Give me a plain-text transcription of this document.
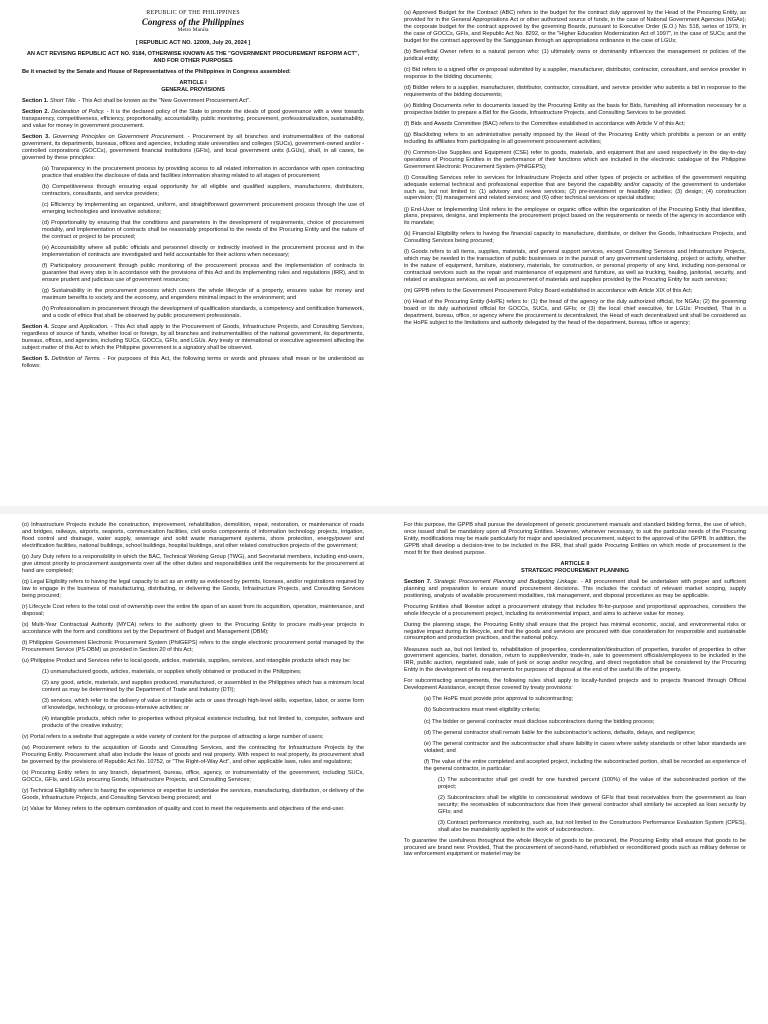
REPUBLIC OF THE PHILIPPINES
Congress of the Philippines
Metro Manila

[ REPUBLIC ACT NO. 12009, July 20, 2024 ]

AN ACT REVISING REPUBLIC ACT NO. 9184, OTHERWISE KNOWN AS THE "GOVERNMENT PROCUREMENT REFORM ACT", AND FOR OTHER PURPOSES

Be it enacted by the Senate and House of Representatives of the Philippines in Congress assembled:

ARTICLE I

GENERAL PROVISIONS

Section 1. Short Title. - This Act shall be known as the "New Government Procurement Act".

Section 2. Declaration of Policy. - It is the declared policy of the State to promote the ideals of good governance with a view towards transparency, competitiveness, efficiency, proportionality, accountability, public monitoring, procurement, professionalization, sustainability, and value for money in government procurement.

Section 3. Governing Principles on Government Procurement. - Procurement by all branches and instrumentalities of the national government, its departments, bureaus, offices and agencies, including state universities and colleges (SUCs), government-owned and/or -controlled corporations (GOCCs), government financial institutions (GFIs), and local government units (LGUs), shall, in all cases, be governed by these principles:

(a) Transparency in the procurement process by providing access to all related information in accordance with open contracting practice that enables the disclosure of data and facilities information sharing related to all stages of procurement;

(b) Competitiveness through ensuring equal opportunity for all eligible and qualified suppliers, manufacturers, distributors, contractors, consultants, and service providers;

(c) Efficiency by implementing an organized, uniform, and straightforward government procurement process through the use of emerging technologies and innovative solutions;

(d) Proportionality by ensuring that the conditions and parameters in the development of requirements, choice of procurement modality, and implementation of contracts shall be reasonably proportional to the needs of the Procuring Entity and the nature of the contract or project to be procured;

(e) Accountability where all public officials and personnel directly or indirectly involved in the procurement process and in the implementation of contracts are investigated and held accountable for their actions when necessary;

(f) Participatory procurement through public monitoring of the procurement process and the implementation of contracts to guarantee that every step is in accordance with the provisions of this Act and its implementing rules and regulations (IRR), and to ensure prudent and judicious use of government resources;

(g) Sustainability in the procurement process which covers the whole lifecycle of a property, ensures value for money and maximum benefits to society and the economy, and engenders minimal impact to the environment; and

(h) Professionalism in procurement through the development of qualification standards, a competency and certification framework, and a code of ethics that shall be observed by public procurement professionals.

Section 4. Scope and Application. - This Act shall apply to the Procurement of Goods, Infrastructure Projects, and Consulting Services, regardless of source of funds, whether local or foreign, by all branches and instrumentalities of the national government, its departments, bureaus, offices, and agencies, including SUCs, GOCCs, GFIs, and LGUs. Any treaty or international or executive agreement affecting the subject matter of this Act to which the Philippine government is a signatory shall be observed.

Section 5. Definition of Terms. - For purposes of this Act, the following terms or words and phrases shall mean or be understood as follows:

(a) Approved Budget for the Contract (ABC) refers to the budget for the contract duly approved by the Head of the Procuring Entity, as provided for in the General Appropriations Act or other authorized source of funds, in the case of National Government Agencies (NGAs); the corporate budget for the contract approved by the governing Boards, pursuant to Executive Order (E.O.) No. 518, series of 1979, in the case of GOCCs, GFIs, and Republic Act No. 8292, or the "Higher Education Modernization Act of 1997", in the case of SUCs; and the budget for the contract approved by the Sanggunian through an appropriations ordinance in the case of LGUs;

(b) Beneficial Owner refers to a natural person who: (1) ultimately owns or dominantly influences the management or policies of the juridical entity;

(c) Bid refers to a signed offer or proposal submitted by a supplier, manufacturer, distributor, contractor, consultant, and service provider in response to the bidding documents;

(d) Bidder refers to a supplier, manufacturer, distributor, contractor, consultant, and service provider who submits a bid in response to the requirements of the bidding documents;

(e) Bidding Documents refer to documents issued by the Procuring Entity as the basis for Bids, furnishing all information necessary for a prospective bidder to prepare a Bid for the Goods, Infrastructure Projects, and Consulting Services to be provided.

(f) Bids and Awards Committee (BAC) refers to the Committee established in accordance with Article V of this Act;

(g) Blacklisting refers to an administrative penalty imposed by the Head of the Procuring Entity which prohibits a person or an entity including its affiliates from participating in all government procurement activities;

(h) Common-Use Supplies and Equipment (CSE) refer to goods, materials, and equipment that are used respectively in the day-to-day operations of Procuring Entities in the performance of their functions which are included in the electronic catalogue of the Philippine Government Electronic Procurement System (PhilGEPS);

(i) Consulting Services refer to services for Infrastructure Projects and other types of projects or activities of the government requiring adequate external technical and professional expertise that are beyond the capability and/or capacity of the government to undertake such as, but not limited to: (1) advisory and review services; (2) pre-investment or feasibility studies; (3) design; (4) construction supervision; (5) management and related services; and (6) other technical services or special studies;

(j) End-User or Implementing Unit refers to the employee or organic office within the organization of the Procuring Entity that identifies, plans, prepares, designs, and implements the procurement project based on the requirements or needs of the agency in accordance with its mandate;

(k) Financial Eligibility refers to having the financial capacity to manufacture, distribute, or deliver the Goods, Infrastructure Projects, and Consulting Services being procured;

(l) Goods refers to all items, supplies, materials, and general support services, except Consulting Services and Infrastructure Projects, which may be needed in the transaction of public businesses or in the pursuit of any government undertaking, project or activity, whether in the nature of equipment, furniture, stationery, materials, for construction, or personal property of any kind, including non-personal or contractual services such as the repair and maintenance of equipment and furniture, as well as trucking, hauling, janitorial, security, and related or analogous services, as well as procurement of materials and supplies provided by the Procuring Entity for such services;

(m) GPPB refers to the Government Procurement Policy Board established in accordance with Article XIX of this Act;

(n) Head of the Procuring Entity (HoPE) refers to: (1) the head of the agency or the duly authorized official, for NGAs; (2) the governing board or its duly authorized official for GOCCs, SUCs, and GFIs; or (3) the local chief executive, for LGUs: Provided, That in a department, bureau, office, or agency where the procurement is decentralized, the Head of each decentralized unit shall be considered as the HoPE subject to the limitations and authority delegated by the head of the department, bureau, office or agency;

(o) Infrastructure Projects include the construction, improvement, rehabilitation, demolition, repair, restoration, or maintenance of roads and bridges, railways, airports, seaports, communication facilities, civil works components of information technology projects, irrigation, flood control and drainage, water supply, sewerage and solid waste management systems, shore protection, energy/power and electrification facilities, national buildings, school buildings, hospital buildings, and other related construction projects of the government;

(p) Jury Duty refers to a responsibility in which the BAC, Technical Working Group (TWG), and Secretariat members, including end-users, give utmost priority to procurement assignments over all the other duties and responsibilities until the requirements for the procurement at hand are completed;

(q) Legal Eligibility refers to having the legal capacity to act as an entity as evidenced by permits, licenses, and/or registrations required by law to engage in the business of manufacturing, distributing, or delivering the Goods, Infrastructure Projects, and Consulting Services being procured;

(r) Lifecycle Cost refers to the total cost of ownership over the entire life span of an asset from its acquisition, operation, maintenance, and disposal;

(s) Multi-Year Contractual Authority (MYCA) refers to the authority given to the Procuring Entity to procure multi-year projects in accordance with the form and conditions set by the Department of Budget and Management (DBM);

(t) Philippine Government Electronic Procurement System (PhilGEPS) refers to the single electronic procurement portal managed by the Procurement Service (PS-DBM) as provided in Section 20 of this Act;

(u) Philippine Product and Services refer to local goods, articles, materials, supplies, services, and intangible products which may be:

(1) unmanufactured goods, articles, materials, or supplies wholly obtained or produced in the Philippines;

(2) any good, article, materials, and supplies produced, manufactured, or assembled in the Philippines which has a minimum local content as may be determined by the Department of Trade and Industry (DTI);

(3) services, which refer to the delivery of value or intangible acts or uses through high-level skills, expertise, labor, or some form of knowledge, technology, or process-intensive activities; or

(4) intangible products, which refer to properties without physical existence including, but not limited to, computer, software and products of the creative industry;

(v) Portal refers to a website that aggregate a wide variety of content for the purpose of attracting a large number of users;

(w) Procurement refers to the acquisition of Goods and Consulting Services, and the contracting for Infrastructure Projects by the Procuring Entity. Procurement shall also include the lease of goods and real property. With respect to real property, its procurement shall be governed by the provisions of Republic Act No. 10752, or "The Right-of-Way Act", and other applicable laws, rules and regulations;

(x) Procuring Entity refers to any branch, department, bureau, office, agency, or instrumentality of the government, including SUCs, GOCCs, GFIs, and LGUs procuring Goods, Infrastructure Projects, and Consulting Services;

(y) Technical Eligibility refers to having the experience or expertise to undertake the services, manufacturing, distribution, or delivery of the Goods, Infrastructure Projects, and Consulting Services being procured; and

(z) Value for Money refers to the optimum combination of quality and cost to meet the requirements and objectives of the end-user.

For this purpose, the GPPB shall pursue the development of generic procurement manuals and standard bidding forms, the use of which, once issued shall be mandatory upon all Procuring Entities. However, whenever necessary, to suit the particular needs of the Procuring Entity, modifications may be made particularly for major and specialized procurement, subject to the approval of the GPPB. In addition, the GPPB shall develop a decision-tree to be included in the IRR, that shall guide Procuring Entities on which mode of procurement is the most fit for their desired purpose.

ARTICLE II

STRATEGIC PROCUREMENT PLANNING

Section 7. Strategic Procurement Planning and Budgeting Linkage. - All procurement shall be undertaken with proper and sufficient planning and preparation to ensure sound procurement decisions. This includes the conduct of relevant market scoping, supply positioning, analysis of available procurement modalities, risk management, and disposal procedures as may be applicable.

Procuring Entities shall likewise adopt a procurement strategy that includes fit-for-purpose and proportional approaches, considers the whole lifecycle of a procurement project, including its environmental impact, and aims to achieve value for money.

During the planning stage, the Procuring Entity shall ensure that the project has minimal economic, social, and environmental risks or negative impact during its lifecycle, and that the goods and services are procured with due consideration for responsible and sustainable consumption and production practices, and the national policy.

Measures such as, but not limited to, rehabilitation of properties, condemnation/destruction of properties, transfer of properties to other government agencies, barter, donation, return to supplier/vendor, trade-in, sale to government officials/employees to be included in the IRR, public auction, negotiated sale, sale of junk or scrap and/or recycling, and direct negotiation shall be considered by the Procuring Entity in the development of its requirements for purposes of disposal at the end of the useful life of the property.

For subcontracting arrangements, the following rules shall apply to locally-funded projects and to projects financed through Official Development Assistance, except those covered by treaty provisions:

(a) The HoPE must provide prior approval to subcontracting;

(b) Subcontractors must meet eligibility criteria;

(c) The bidder or general contractor must disclose subcontractors during the bidding process;

(d) The general contractor shall remain liable for the subcontractor's actions, defaults, delays, and negligence;

(e) The general contractor and the subcontractor shall share liability in cases where safety standards or other labor standards are violated; and

(f) The value of the entire completed and accepted project, including the subcontracted portion, shall be recorded as experience of the general contractor, in particular:

(1) The subcontractor shall get credit for one hundred percent (100%) of the value of the subcontracted portion of the project;

(2) Subcontractors shall be eligible to concessional windows of GFIs that treat receivables from the government as loan security; the receivables of subcontractors due from their general contractor shall similarly be accepted as loan security by GFIs; and

(3) Contract performance monitoring, such as, but not limited to the Constructors Performance Evaluation System (CPES), shall also be mandatorily applied to the work of subcontractors.

To guarantee the usefulness throughout the whole lifecycle of goods to be procured, the Procuring Entity shall ensure that goods to be procured are brand new: Provided, That the procurement of second-hand, refurbished or reconditioned goods such as military defense or law enforcement equipment or materiel may be
